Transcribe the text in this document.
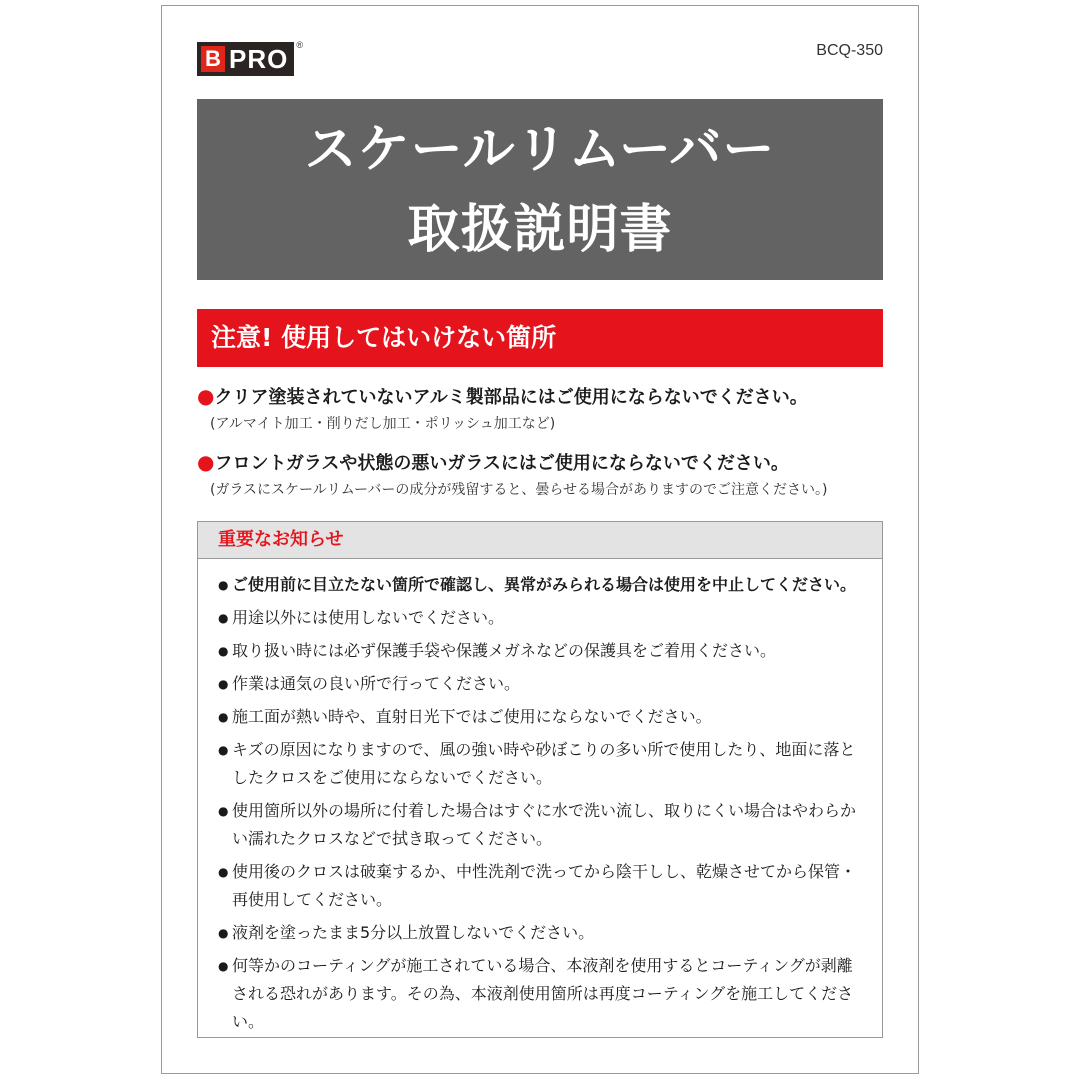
B PRO ®	BCQ-350
スケールリムーバー
取扱説明書
注意! 使用してはいけない箇所
●クリア塗装されていないアルミ製部品にはご使用にならないでください。
(アルマイト加工・削りだし加工・ポリッシュ加工など)
●フロントガラスや状態の悪いガラスにはご使用にならないでください。
(ガラスにスケールリムーバーの成分が残留すると、曇らせる場合がありますのでご注意ください。)
重要なお知らせ
● ご使用前に目立たない箇所で確認し、異常がみられる場合は使用を中止してください。
● 用途以外には使用しないでください。
● 取り扱い時には必ず保護手袋や保護メガネなどの保護具をご着用ください。
● 作業は通気の良い所で行ってください。
● 施工面が熱い時や、直射日光下ではご使用にならないでください。
● キズの原因になりますので、風の強い時や砂ぼこりの多い所で使用したり、地面に落としたクロスをご使用にならないでください。
● 使用箇所以外の場所に付着した場合はすぐに水で洗い流し、取りにくい場合はやわらかい濡れたクロスなどで拭き取ってください。
● 使用後のクロスは破棄するか、中性洗剤で洗ってから陰干しし、乾燥させてから保管・再使用してください。
● 液剤を塗ったまま5分以上放置しないでください。
● 何等かのコーティングが施工されている場合、本液剤を使用するとコーティングが剥離される恐れがあります。その為、本液剤使用箇所は再度コーティングを施工してください。
